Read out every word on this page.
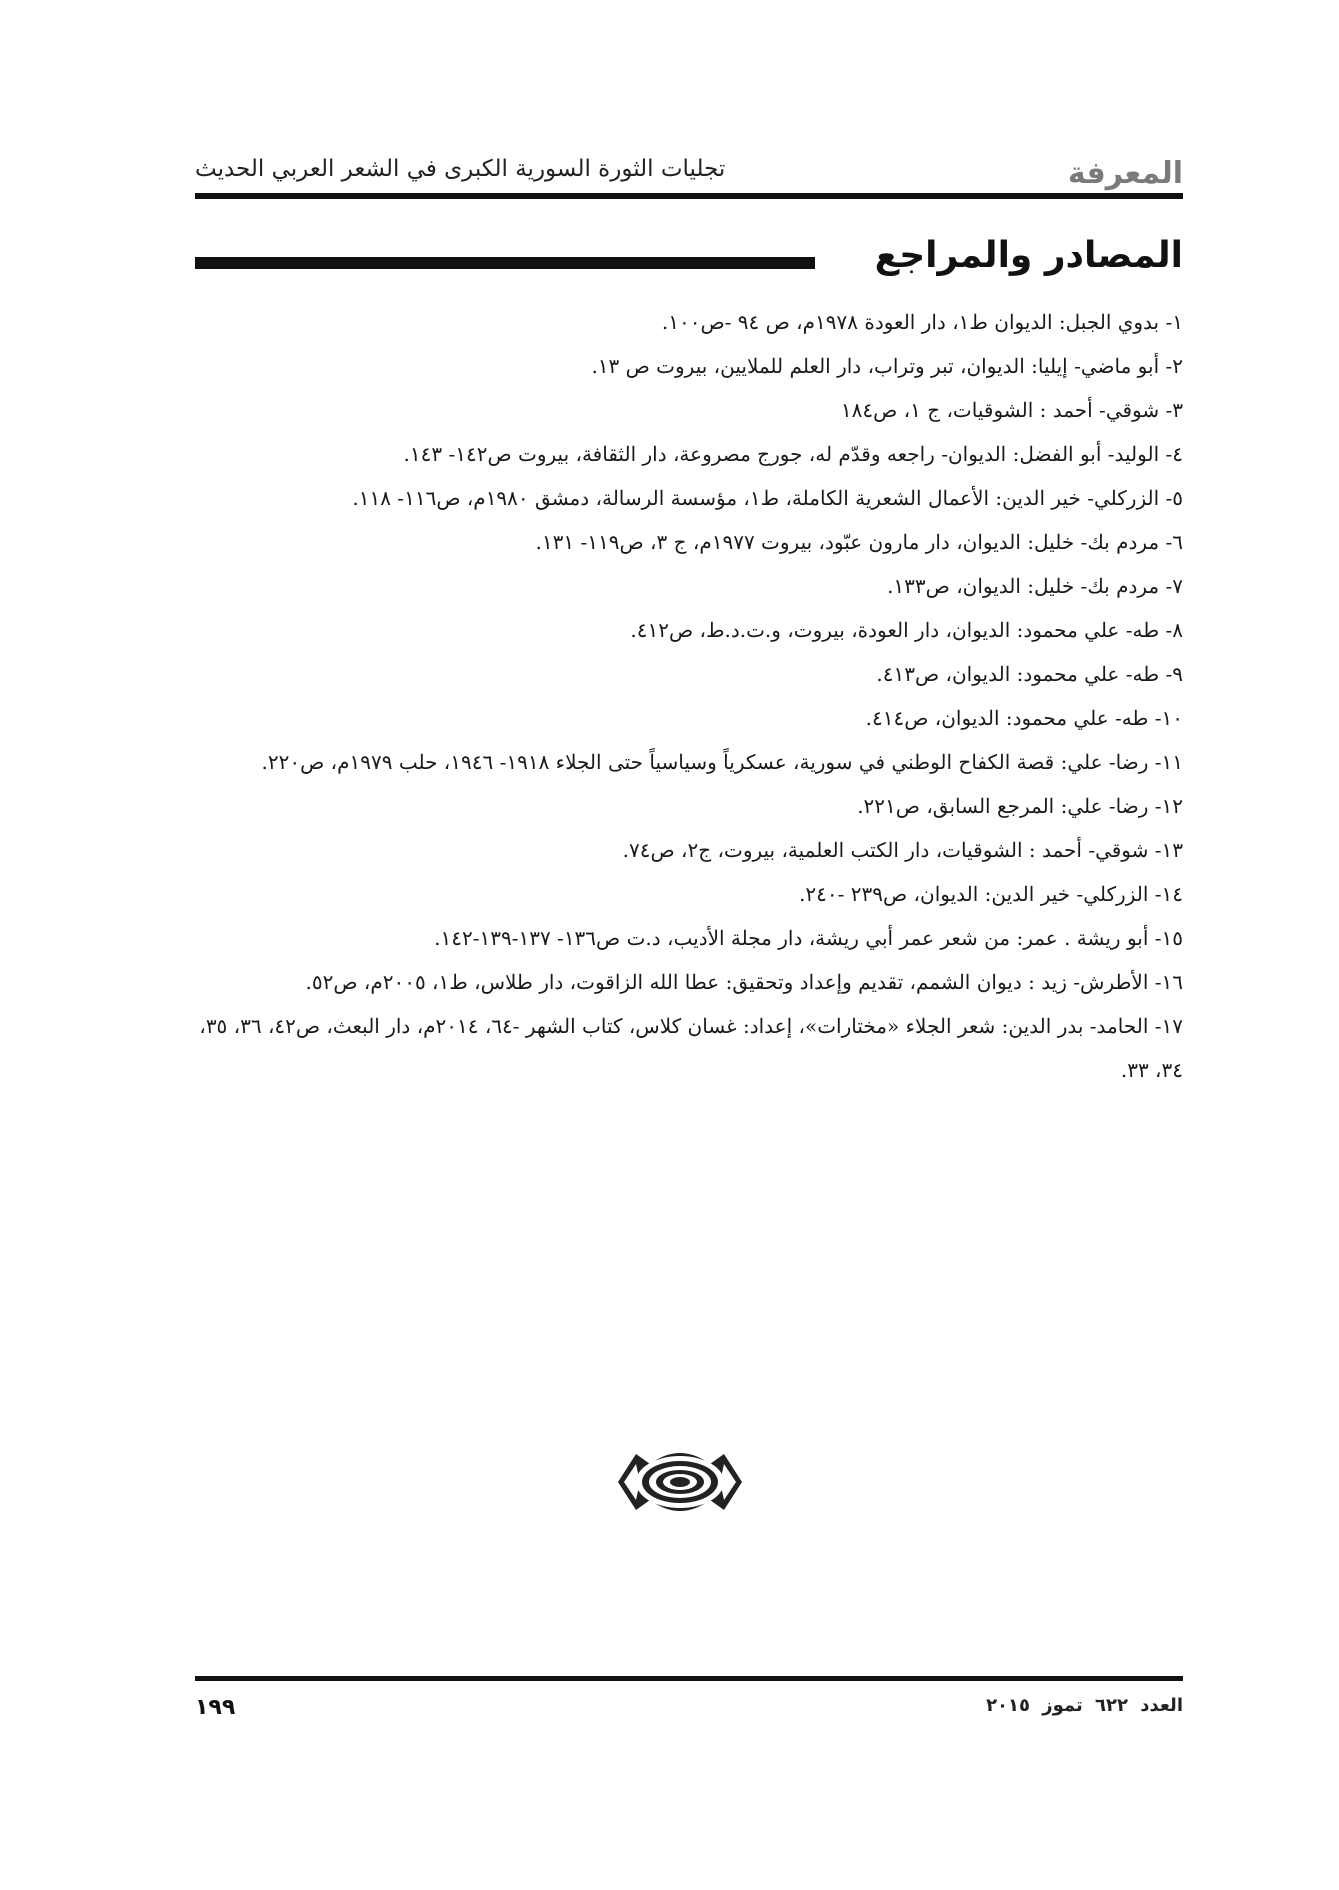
المعرفة
تجليات الثورة السورية الكبرى في الشعر العربي الحديث
المصادر والمراجع
١- بدوي الجبل: الديوان ط١، دار العودة ١٩٧٨م، ص ٩٤ -ص١٠٠.
٢- أبو ماضي- إيليا: الديوان، تبر وتراب، دار العلم للملايين، بيروت ص ١٣.
٣- شوقي- أحمد : الشوقيات، ج ١، ص١٨٤
٤- الوليد- أبو الفضل: الديوان- راجعه وقدّم له، جورج مصروعة، دار الثقافة، بيروت ص١٤٢- ١٤٣.
٥- الزركلي- خير الدين: الأعمال الشعرية الكاملة، ط١، مؤسسة الرسالة، دمشق ١٩٨٠م، ص١١٦- ١١٨.
٦- مردم بك- خليل: الديوان، دار مارون عبّود، بيروت ١٩٧٧م، ج ٣، ص١١٩- ١٣١.
٧- مردم بك- خليل: الديوان، ص١٣٣.
٨- طه- علي محمود: الديوان، دار العودة، بيروت، و.ت.د.ط، ص٤١٢.
٩- طه- علي محمود: الديوان، ص٤١٣.
١٠- طه- علي محمود: الديوان، ص٤١٤.
١١- رضا- علي: قصة الكفاح الوطني في سورية، عسكرياً وسياسياً حتى الجلاء ١٩١٨- ١٩٤٦، حلب ١٩٧٩م، ص٢٢٠.
١٢- رضا- علي: المرجع السابق، ص٢٢١.
١٣- شوقي- أحمد : الشوقيات، دار الكتب العلمية، بيروت، ج٢، ص٧٤.
١٤- الزركلي- خير الدين: الديوان، ص٢٣٩ -٢٤٠.
١٥- أبو ريشة . عمر: من شعر عمر أبي ريشة، دار مجلة الأديب، د.ت ص١٣٦- ١٣٧-١٣٩-١٤٢.
١٦- الأطرش- زيد : ديوان الشمم، تقديم وإعداد وتحقيق: عطا الله الزاقوت، دار طلاس، ط١، ٢٠٠٥م، ص٥٢.
١٧- الحامد- بدر الدين: شعر الجلاء «مختارات»، إعداد: غسان كلاس، كتاب الشهر -٦٤، ٢٠١٤م، دار البعث، ص٤٢، ٣٦، ٣٥، ٣٤، ٣٣.
العدد ٦٢٢ تموز ٢٠١٥
١٩٩
